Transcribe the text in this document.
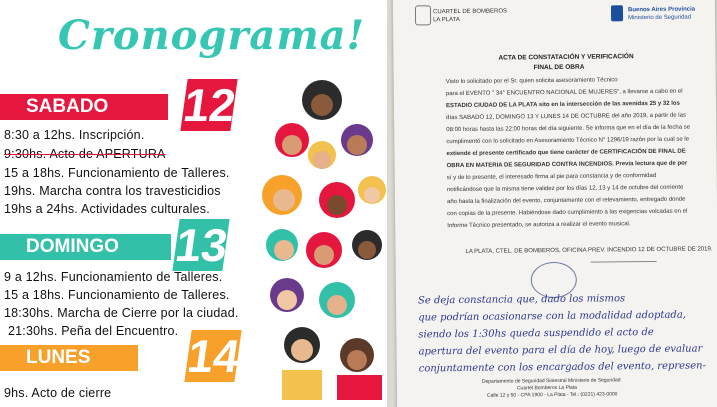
Cronograma!
SABADO	12
8:30 a 12hs. Inscripción.
9:30hs. Acto de APERTURA
15 a 18hs. Funcionamiento de Talleres.
19hs. Marcha contra los travesticidios
19hs a 24hs. Actividades culturales.
DOMINGO	13
9 a 12hs. Funcionamiento de Talleres.
15 a 18hs. Funcionamiento de Talleres.
18:30hs. Marcha de Cierre por la ciudad.
21:30hs. Peña del Encuentro.
LUNES	14
9hs. Acto de cierre
CUARTEL DE BOMBEROS
LA PLATA
Buenos Aires Provincia
Ministerio de Seguridad
ACTA DE CONSTATACIÓN Y VERIFICACIÓN
FINAL DE OBRA
Visto lo solicitado por el Sr. quien solicita asesoramiento Técnico
para el EVENTO " 34° ENCUENTRO NACIONAL DE MUJERES", a llevarse a cabo en el
ESTADIO CIUDAD DE LA PLATA sito en la intersección de las avenidas 25 y 32 los
días SABADO 12, DOMINGO 13 Y LUNES 14 DE OCTUBRE del año 2019, a partir de las
08:00 horas hasta las 22:00 horas del día siguiente. Se informa que en el día de la fecha se
cumplimentó con lo solicitado en Asesoramiento Técnico N° 1296/19 razón por la cual se le
extiende el presente certificado que tiene carácter de CERTIFICACIÓN DE FINAL DE
OBRA EN MATERIA DE SEGURIDAD CONTRA INCENDIOS. Previa lectura que de por
sí y de lo presente, el interesado firma al pie para constancia y de conformidad
notificándose que la misma tiene validez por los días 12, 13 y 14 de octubre del corriente
año hasta la finalización del evento, conjuntamente con el relevamiento, entregado donde
con copias de la presente. Habiéndose dado cumplimiento a las exigencias volcadas en el
Informe Técnico presentado, se autoriza a realizar el evento musical.
LA PLATA, CTEL. DE BOMBEROS, OFICINA PREV. INCENDIO 12 DE OCTUBRE DE 2019.
Se deja constancia que, dado los mismos
que podrían ocasionarse con la modalidad adoptada,
siendo los 1:30hs queda suspendido el acto de
apertura del evento para el día de hoy, luego de evaluar
conjuntamente con los encargados del evento, represen-
Departamento de Seguridad Siniestral Ministerio de Seguridad
Cuartel Bomberos La Plata
Calle 12 y 50 - CPA 1900 - La Plata - Tel.: (0221) 423-0000
